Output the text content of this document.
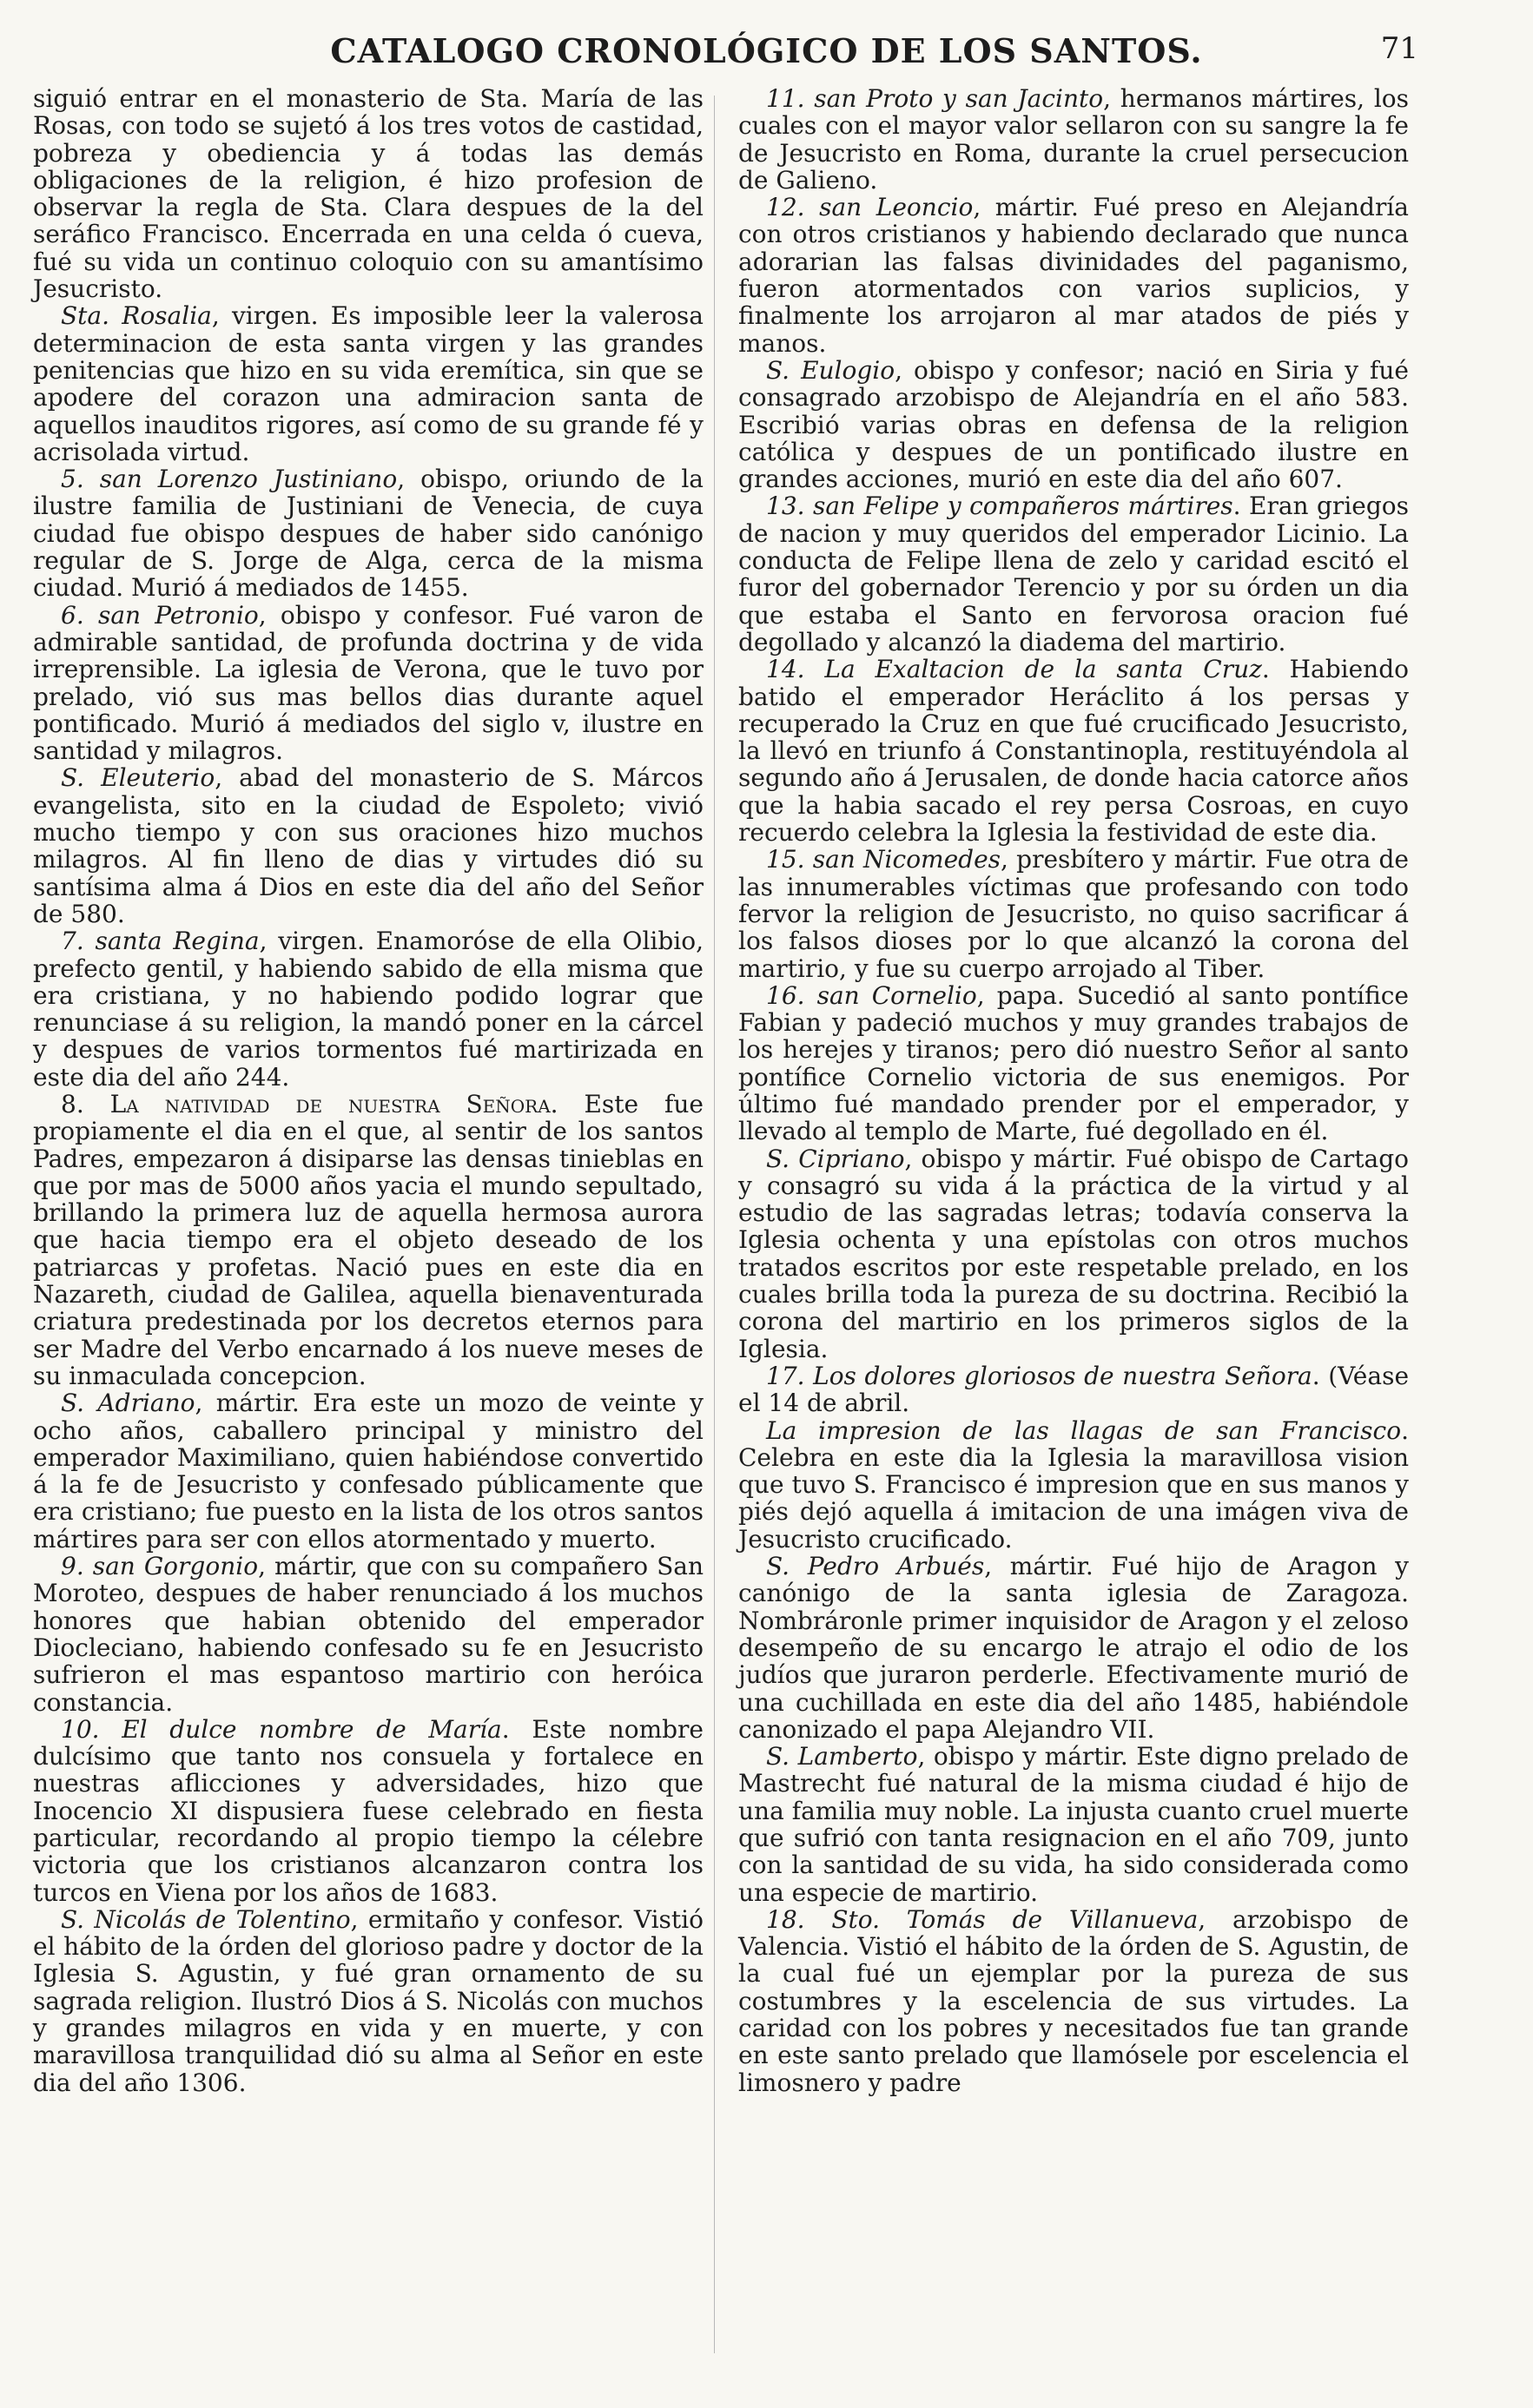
CATALOGO CRONOLÓGICO DE LOS SANTOS.	71

siguió entrar en el monasterio de Sta. María de las Rosas, con todo se sujetó á los tres votos de castidad, pobreza y obediencia y á todas las demás obligaciones de la religion, é hizo profesion de observar la regla de Sta. Clara despues de la del seráfico Francisco. Encerrada en una celda ó cueva, fué su vida un continuo coloquio con su amantísimo Jesucristo.

Sta. Rosalia, virgen. Es imposible leer la valerosa determinacion de esta santa virgen y las grandes penitencias que hizo en su vida eremítica, sin que se apodere del corazon una admiracion santa de aquellos inauditos rigores, así como de su grande fé y acrisolada virtud.

5. san Lorenzo Justiniano, obispo, oriundo de la ilustre familia de Justiniani de Venecia, de cuya ciudad fue obispo despues de haber sido canónigo regular de S. Jorge de Alga, cerca de la misma ciudad. Murió á mediados de 1455.

6. san Petronio, obispo y confesor. Fué varon de admirable santidad, de profunda doctrina y de vida irreprensible. La iglesia de Verona, que le tuvo por prelado, vió sus mas bellos dias durante aquel pontificado. Murió á mediados del siglo v, ilustre en santidad y milagros.

S. Eleuterio, abad del monasterio de S. Márcos evangelista, sito en la ciudad de Espoleto; vivió mucho tiempo y con sus oraciones hizo muchos milagros. Al fin lleno de dias y virtudes dió su santísima alma á Dios en este dia del año del Señor de 580.

7. santa Regina, virgen. Enamoróse de ella Olibio, prefecto gentil, y habiendo sabido de ella misma que era cristiana, y no habiendo podido lograr que renunciase á su religion, la mandó poner en la cárcel y despues de varios tormentos fué martirizada en este dia del año 244.

8. La natividad de nuestra Señora. Este fue propiamente el dia en el que, al sentir de los santos Padres, empezaron á disiparse las densas tinieblas en que por mas de 5000 años yacia el mundo sepultado, brillando la primera luz de aquella hermosa aurora que hacia tiempo era el objeto deseado de los patriarcas y profetas. Nació pues en este dia en Nazareth, ciudad de Galilea, aquella bienaventurada criatura predestinada por los decretos eternos para ser Madre del Verbo encarnado á los nueve meses de su inmaculada concepcion.

S. Adriano, mártir. Era este un mozo de veinte y ocho años, caballero principal y ministro del emperador Maximiliano, quien habiéndose convertido á la fe de Jesucristo y confesado públicamente que era cristiano; fue puesto en la lista de los otros santos mártires para ser con ellos atormentado y muerto.

9. san Gorgonio, mártir, que con su compañero San Moroteo, despues de haber renunciado á los muchos honores que habian obtenido del emperador Diocleciano, habiendo confesado su fe en Jesucristo sufrieron el mas espantoso martirio con heróica constancia.

10. El dulce nombre de María. Este nombre dulcísimo que tanto nos consuela y fortalece en nuestras aflicciones y adversidades, hizo que Inocencio XI dispusiera fuese celebrado en fiesta particular, recordando al propio tiempo la célebre victoria que los cristianos alcanzaron contra los turcos en Viena por los años de 1683.

S. Nicolás de Tolentino, ermitaño y confesor. Vistió el hábito de la órden del glorioso padre y doctor de la Iglesia S. Agustin, y fué gran ornamento de su sagrada religion. Ilustró Dios á S. Nicolás con muchos y grandes milagros en vida y en muerte, y con maravillosa tranquilidad dió su alma al Señor en este dia del año 1306.

11. san Proto y san Jacinto, hermanos mártires, los cuales con el mayor valor sellaron con su sangre la fe de Jesucristo en Roma, durante la cruel persecucion de Galieno.

12. san Leoncio, mártir. Fué preso en Alejandría con otros cristianos y habiendo declarado que nunca adorarian las falsas divinidades del paganismo, fueron atormentados con varios suplicios, y finalmente los arrojaron al mar atados de piés y manos.

S. Eulogio, obispo y confesor; nació en Siria y fué consagrado arzobispo de Alejandría en el año 583. Escribió varias obras en defensa de la religion católica y despues de un pontificado ilustre en grandes acciones, murió en este dia del año 607.

13. san Felipe y compañeros mártires. Eran griegos de nacion y muy queridos del emperador Licinio. La conducta de Felipe llena de zelo y caridad escitó el furor del gobernador Terencio y por su órden un dia que estaba el Santo en fervorosa oracion fué degollado y alcanzó la diadema del martirio.

14. La Exaltacion de la santa Cruz. Habiendo batido el emperador Heráclito á los persas y recuperado la Cruz en que fué crucificado Jesucristo, la llevó en triunfo á Constantinopla, restituyéndola al segundo año á Jerusalen, de donde hacia catorce años que la habia sacado el rey persa Cosroas, en cuyo recuerdo celebra la Iglesia la festividad de este dia.

15. san Nicomedes, presbítero y mártir. Fue otra de las innumerables víctimas que profesando con todo fervor la religion de Jesucristo, no quiso sacrificar á los falsos dioses por lo que alcanzó la corona del martirio, y fue su cuerpo arrojado al Tiber.

16. san Cornelio, papa. Sucedió al santo pontífice Fabian y padeció muchos y muy grandes trabajos de los herejes y tiranos; pero dió nuestro Señor al santo pontífice Cornelio victoria de sus enemigos. Por último fué mandado prender por el emperador, y llevado al templo de Marte, fué degollado en él.

S. Cipriano, obispo y mártir. Fué obispo de Cartago y consagró su vida á la práctica de la virtud y al estudio de las sagradas letras; todavía conserva la Iglesia ochenta y una epístolas con otros muchos tratados escritos por este respetable prelado, en los cuales brilla toda la pureza de su doctrina. Recibió la corona del martirio en los primeros siglos de la Iglesia.

17. Los dolores gloriosos de nuestra Señora. (Véase el 14 de abril.

La impresion de las llagas de san Francisco. Celebra en este dia la Iglesia la maravillosa vision que tuvo S. Francisco é impresion que en sus manos y piés dejó aquella á imitacion de una imágen viva de Jesucristo crucificado.

S. Pedro Arbués, mártir. Fué hijo de Aragon y canónigo de la santa iglesia de Zaragoza. Nombráronle primer inquisidor de Aragon y el zeloso desempeño de su encargo le atrajo el odio de los judíos que juraron perderle. Efectivamente murió de una cuchillada en este dia del año 1485, habiéndole canonizado el papa Alejandro VII.

S. Lamberto, obispo y mártir. Este digno prelado de Mastrecht fué natural de la misma ciudad é hijo de una familia muy noble. La injusta cuanto cruel muerte que sufrió con tanta resignacion en el año 709, junto con la santidad de su vida, ha sido considerada como una especie de martirio.

18. Sto. Tomás de Villanueva, arzobispo de Valencia. Vistió el hábito de la órden de S. Agustin, de la cual fué un ejemplar por la pureza de sus costumbres y la escelencia de sus virtudes. La caridad con los pobres y necesitados fue tan grande en este santo prelado que llamósele por escelencia el limosnero y padre
